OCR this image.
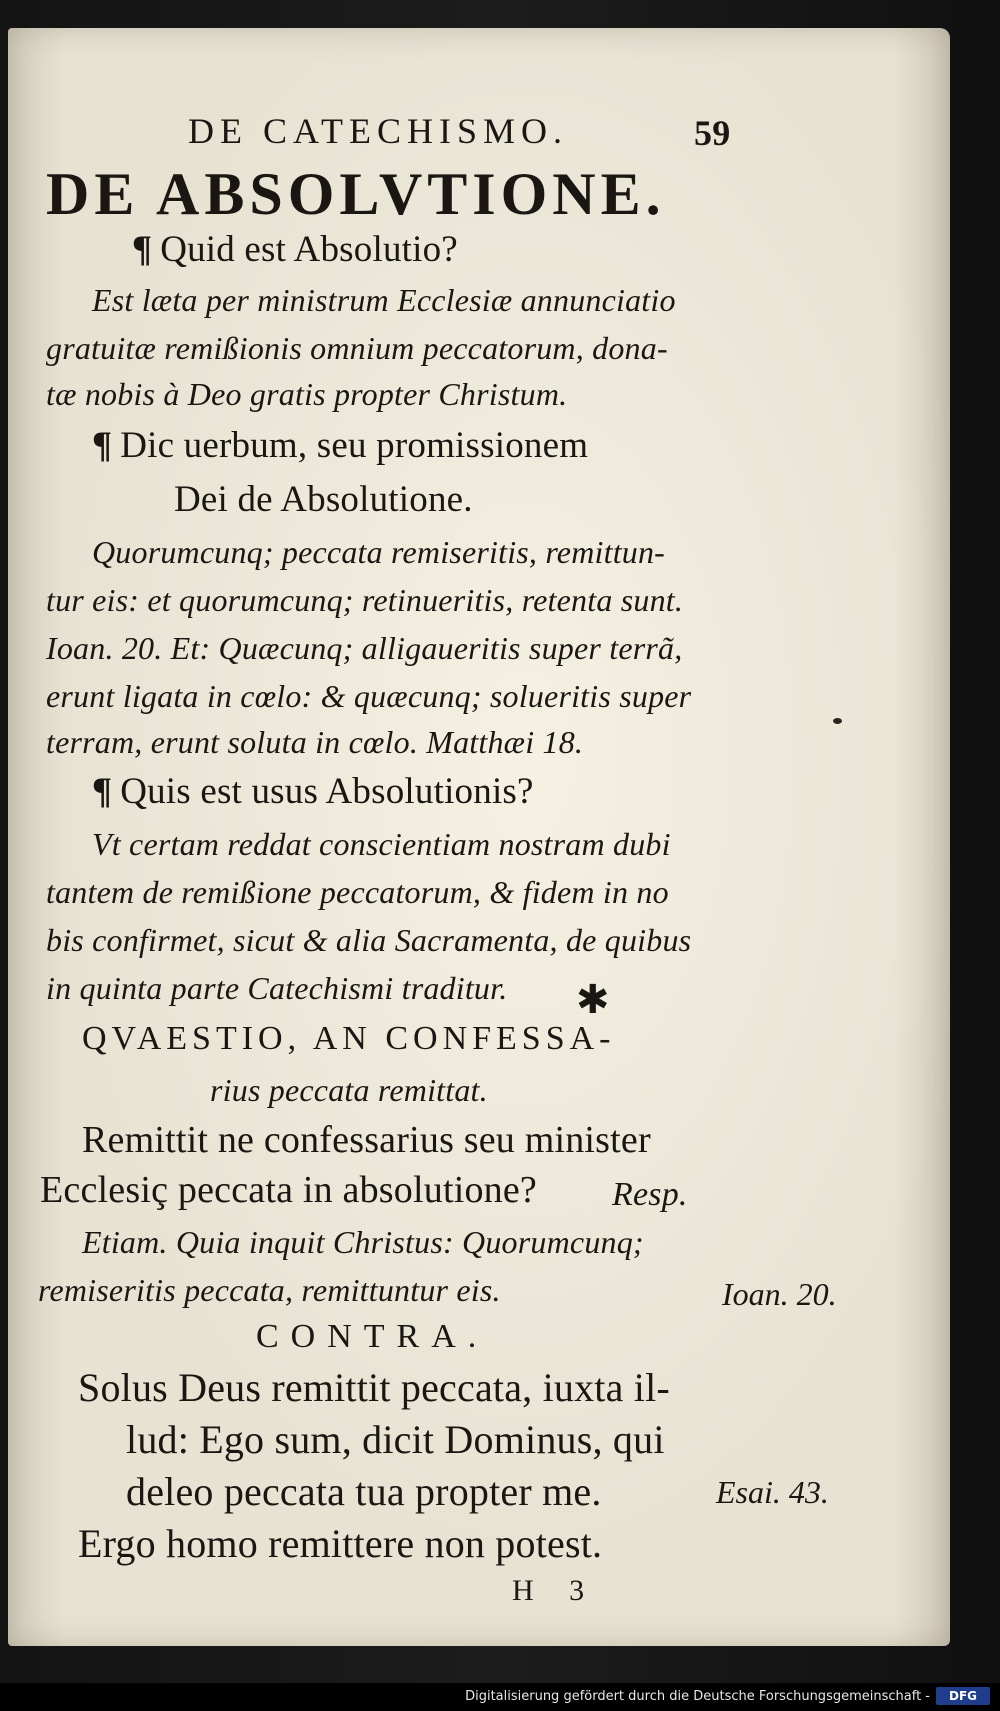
DE CATECHISMO.	59
DE ABSOLVTIONE.
¶ Quid est Absolutio?
Est læta per ministrum Ecclesiæ annunciatio
gratuitæ remißionis omnium peccatorum, dona-
tæ nobis à Deo gratis propter Christum.
¶ Dic uerbum, seu promissionem
Dei de Absolutione.
Quorumcunq; peccata remiseritis, remittun-
tur eis: et quorumcunq; retinueritis, retenta sunt.
Ioan. 20. Et: Quæcunq; alligaueritis super terrã,
erunt ligata in cœlo: & quæcunq; solueritis super
terram, erunt soluta in cœlo. Matthæi 18.
¶ Quis est usus Absolutionis?
Vt certam reddat conscientiam nostram dubi
tantem de remißione peccatorum, & fidem in no
bis confirmet, sicut & alia Sacramenta, de quibus
in quinta parte Catechismi traditur. ✱
QVAESTIO, AN CONFESSA-
rius peccata remittat.
Remittit ne confessarius seu minister
Ecclesiç peccata in absolutione? Resp.
Etiam. Quia inquit Christus: Quorumcunq;
remiseritis peccata, remittuntur eis.	Ioan. 20.
CONTRA.
Solus Deus remittit peccata, iuxta il-
lud: Ego sum, dicit Dominus, qui
deleo peccata tua propter me.	Esai. 43.
Ergo homo remittere non potest.
H 3
Digitalisierung gefördert durch die Deutsche Forschungsgemeinschaft -	DFG
